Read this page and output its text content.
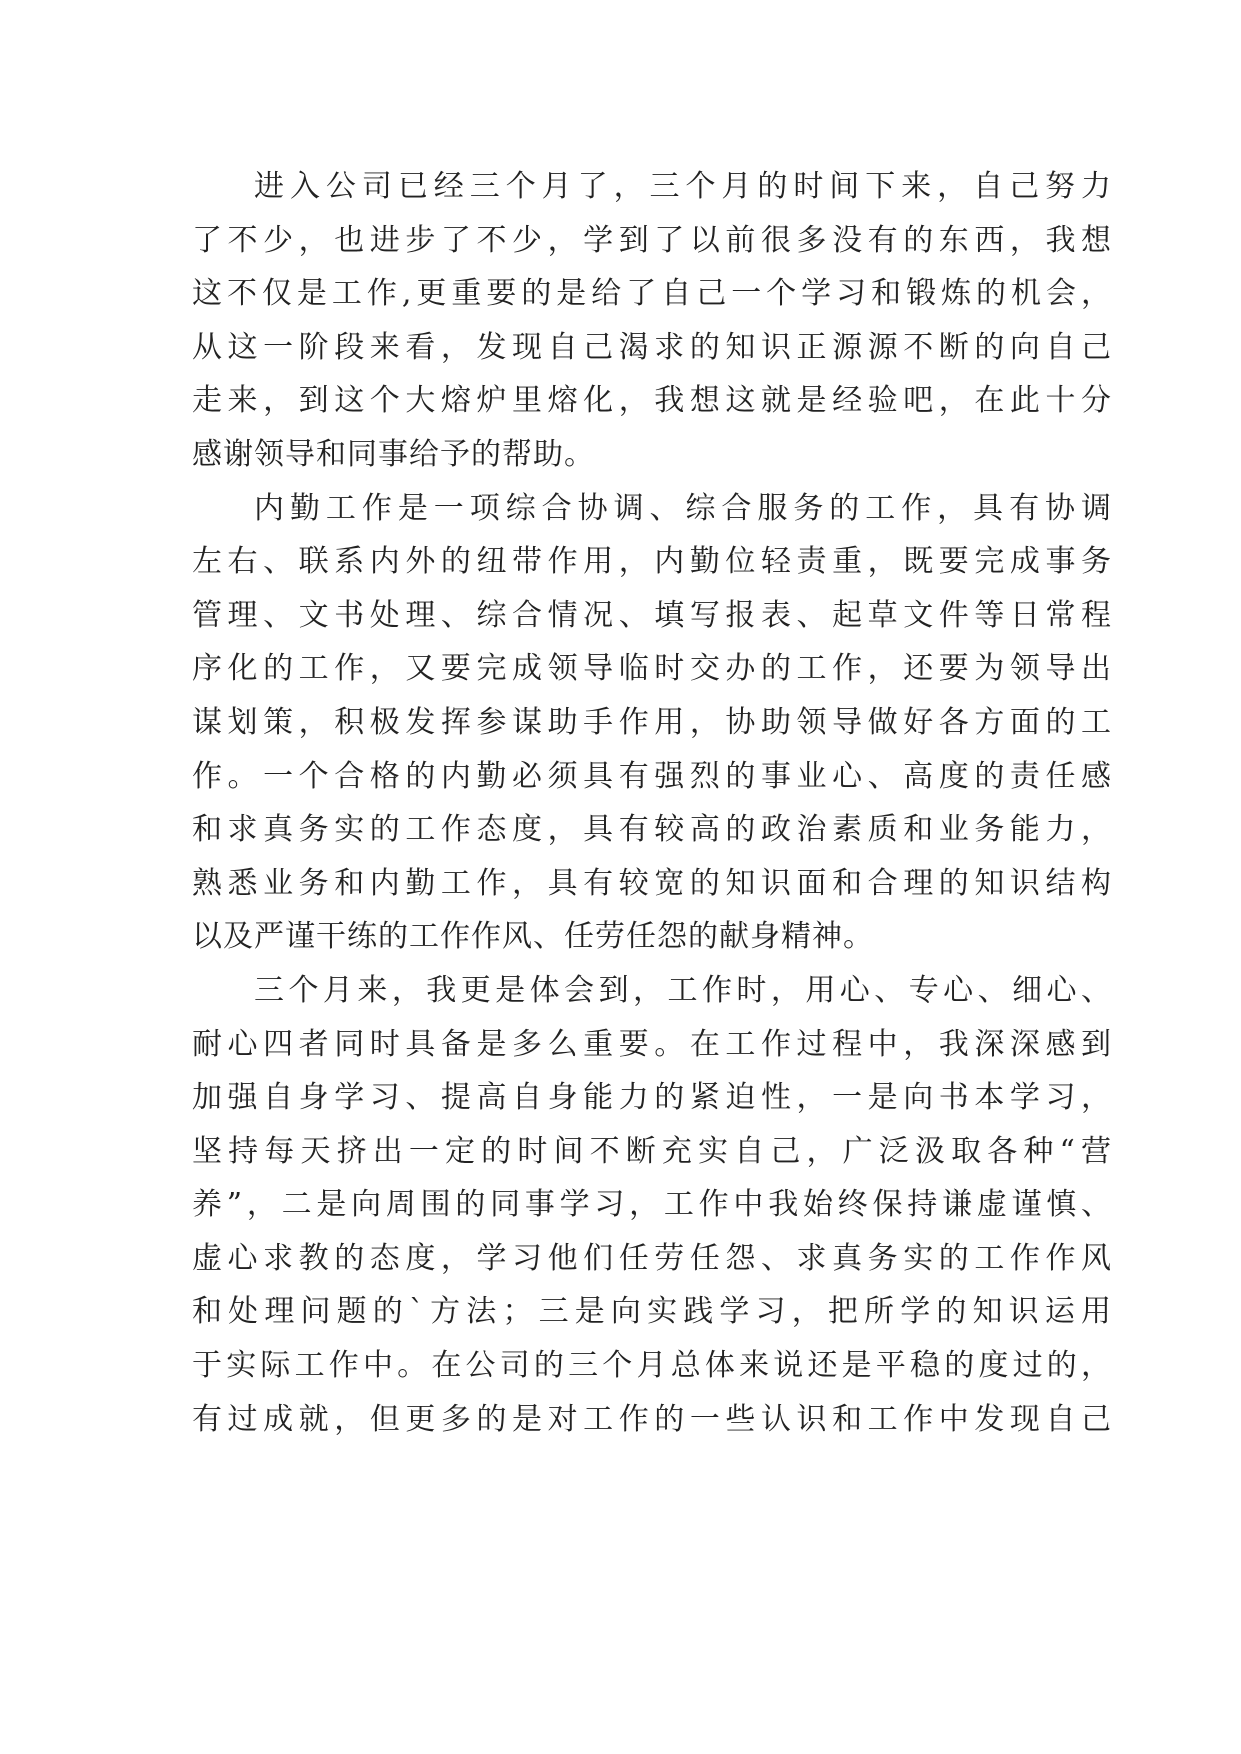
进入公司已经三个月了，三个月的时间下来，自己努力
了不少，也进步了不少，学到了以前很多没有的东西，我想
这不仅是工作,更重要的是给了自己一个学习和锻炼的机会，
从这一阶段来看，发现自己渴求的知识正源源不断的向自己
走来，到这个大熔炉里熔化，我想这就是经验吧，在此十分
感谢领导和同事给予的帮助。
内勤工作是一项综合协调、综合服务的工作，具有协调
左右、联系内外的纽带作用，内勤位轻责重，既要完成事务
管理、文书处理、综合情况、填写报表、起草文件等日常程
序化的工作，又要完成领导临时交办的工作，还要为领导出
谋划策，积极发挥参谋助手作用，协助领导做好各方面的工
作。一个合格的内勤必须具有强烈的事业心、高度的责任感
和求真务实的工作态度，具有较高的政治素质和业务能力，
熟悉业务和内勤工作，具有较宽的知识面和合理的知识结构
以及严谨干练的工作作风、任劳任怨的献身精神。
三个月来，我更是体会到，工作时，用心、专心、细心、
耐心四者同时具备是多么重要。在工作过程中，我深深感到
加强自身学习、提高自身能力的紧迫性，一是向书本学习，
坚持每天挤出一定的时间不断充实自己，广泛汲取各种“营
养”，二是向周围的同事学习，工作中我始终保持谦虚谨慎、
虚心求教的态度，学习他们任劳任怨、求真务实的工作作风
和处理问题的`方法；三是向实践学习，把所学的知识运用
于实际工作中。在公司的三个月总体来说还是平稳的度过的，
有过成就，但更多的是对工作的一些认识和工作中发现自己
